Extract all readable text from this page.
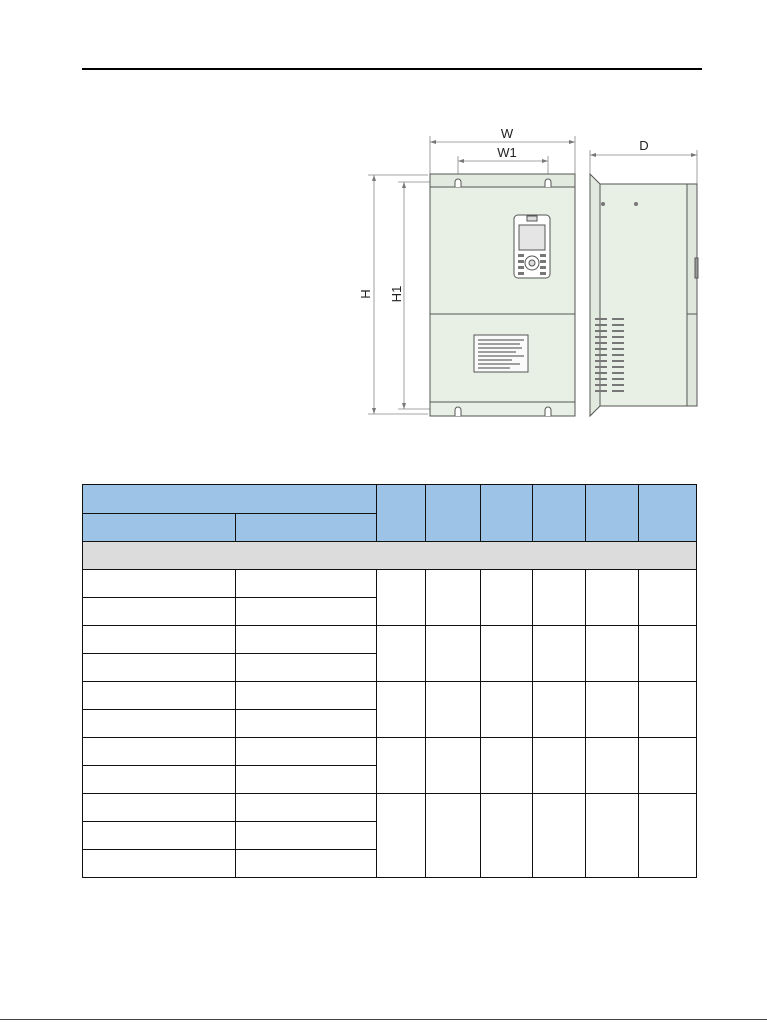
W
W1	D
H H1
